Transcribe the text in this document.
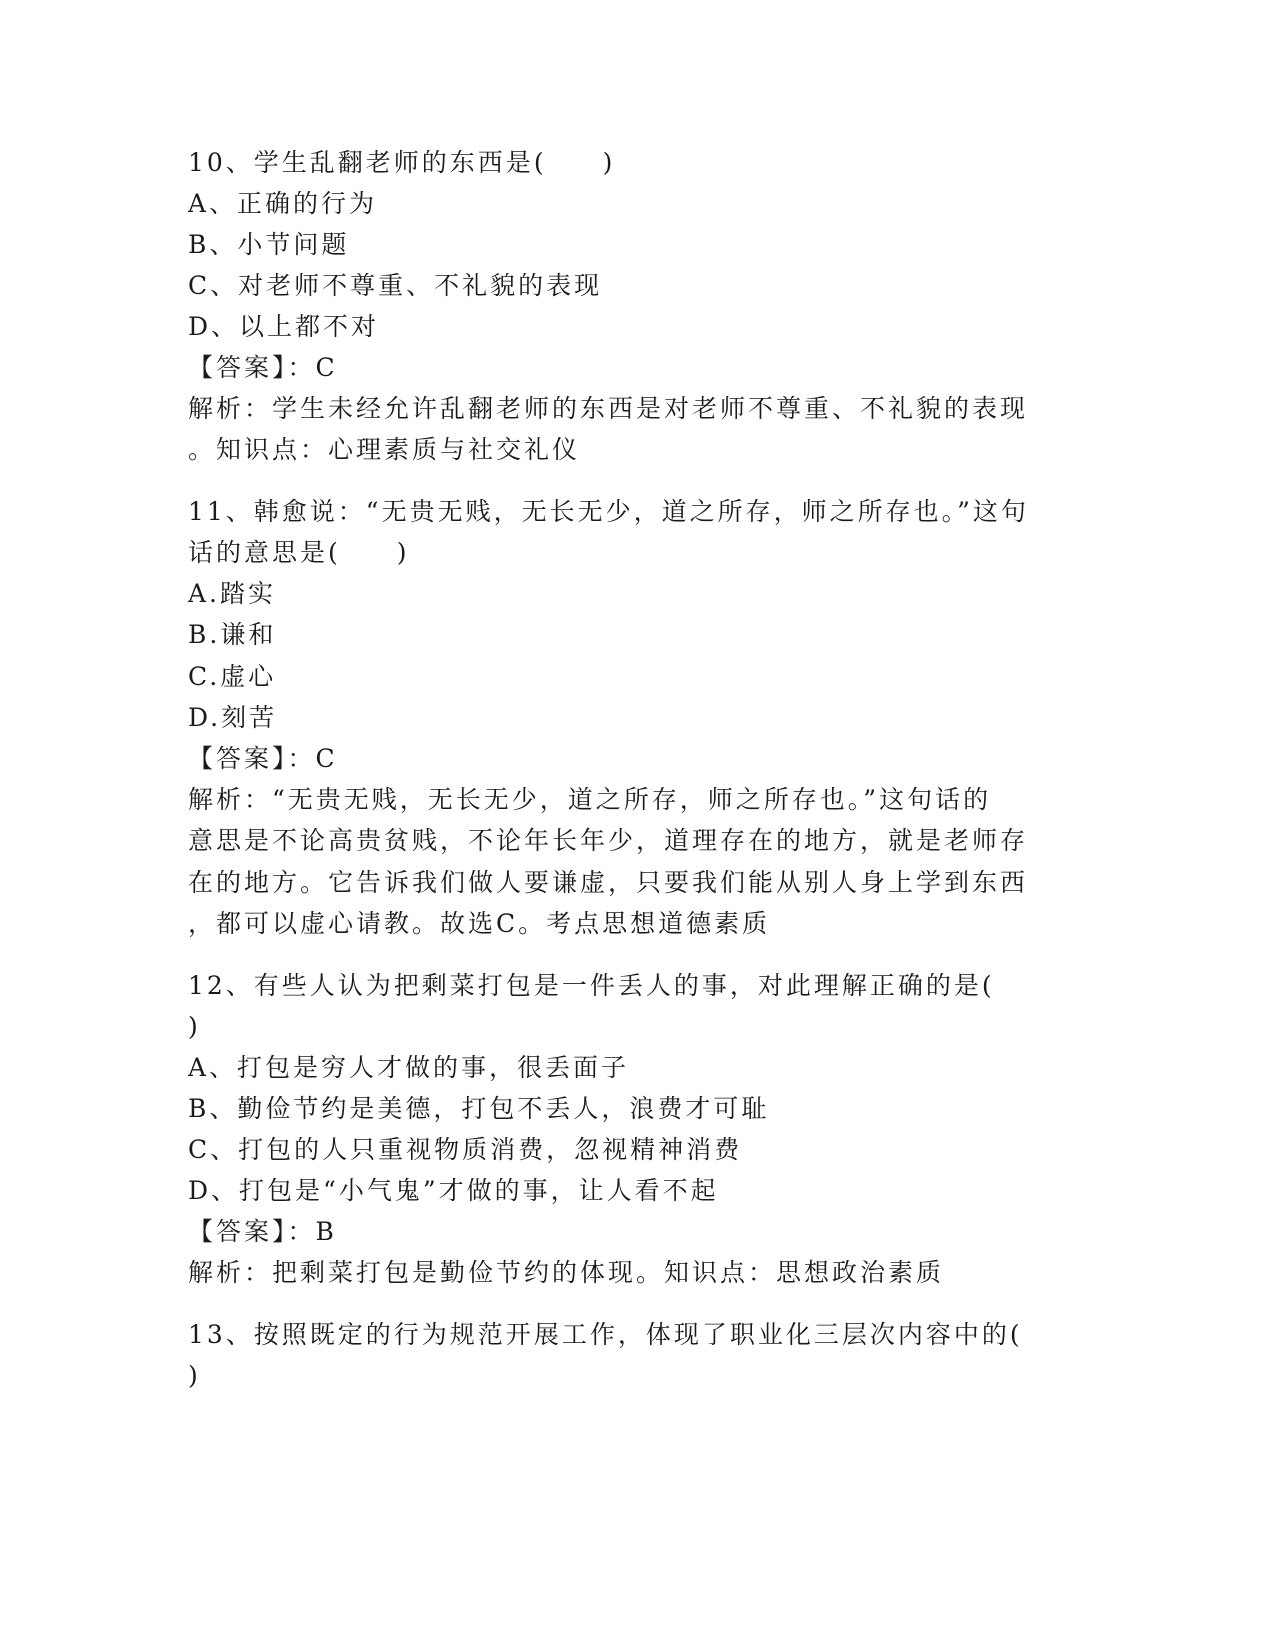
10、学生乱翻老师的东西是(　　)
A、正确的行为
B、小节问题
C、对老师不尊重、不礼貌的表现
D、以上都不对
【答案】：C
解析：学生未经允许乱翻老师的东西是对老师不尊重、不礼貌的表现
。知识点：心理素质与社交礼仪
11、韩愈说：“无贵无贱，无长无少，道之所存，师之所存也。”这句
话的意思是(　　)
A.踏实
B.谦和
C.虚心
D.刻苦
【答案】：C
解析：“无贵无贱，无长无少，道之所存，师之所存也。”这句话的
意思是不论高贵贫贱，不论年长年少，道理存在的地方，就是老师存
在的地方。它告诉我们做人要谦虚，只要我们能从别人身上学到东西
，都可以虚心请教。故选C。考点思想道德素质
12、有些人认为把剩菜打包是一件丢人的事，对此理解正确的是(
)
A、打包是穷人才做的事，很丢面子
B、勤俭节约是美德，打包不丢人，浪费才可耻
C、打包的人只重视物质消费，忽视精神消费
D、打包是“小气鬼”才做的事，让人看不起
【答案】：B
解析：把剩菜打包是勤俭节约的体现。知识点：思想政治素质
13、按照既定的行为规范开展工作，体现了职业化三层次内容中的(
)
